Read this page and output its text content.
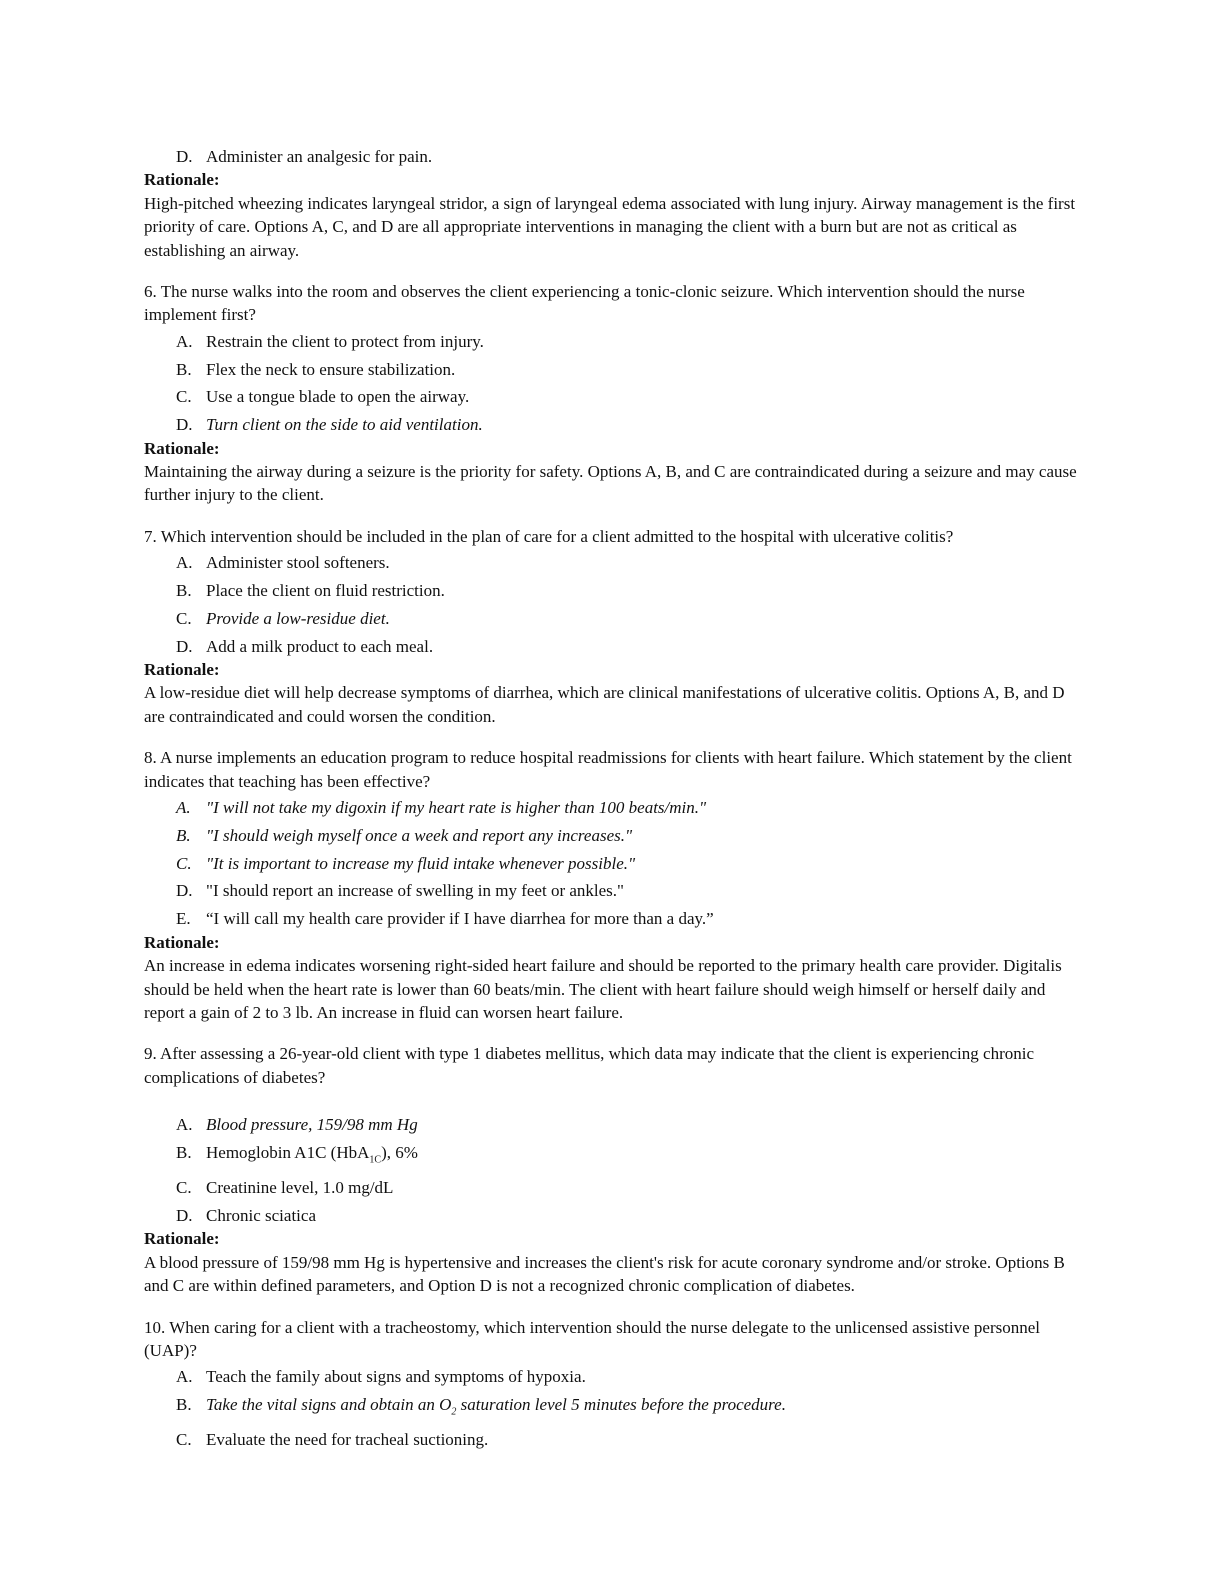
D. Administer an analgesic for pain.

Rationale:

High-pitched wheezing indicates laryngeal stridor, a sign of laryngeal edema associated with lung injury. Airway management is the first priority of care. Options A, C, and D are all appropriate interventions in managing the client with a burn but are not as critical as establishing an airway.

6. The nurse walks into the room and observes the client experiencing a tonic-clonic seizure. Which intervention should the nurse implement first?

A. Restrain the client to protect from injury.
B. Flex the neck to ensure stabilization.
C. Use a tongue blade to open the airway.
D. Turn client on the side to aid ventilation.

Rationale:

Maintaining the airway during a seizure is the priority for safety. Options A, B, and C are contraindicated during a seizure and may cause further injury to the client.

7. Which intervention should be included in the plan of care for a client admitted to the hospital with ulcerative colitis?

A. Administer stool softeners.
B. Place the client on fluid restriction.
C. Provide a low-residue diet.
D. Add a milk product to each meal.

Rationale:

A low-residue diet will help decrease symptoms of diarrhea, which are clinical manifestations of ulcerative colitis. Options A, B, and D are contraindicated and could worsen the condition.

8. A nurse implements an education program to reduce hospital readmissions for clients with heart failure. Which statement by the client indicates that teaching has been effective?

A. "I will not take my digoxin if my heart rate is higher than 100 beats/min."
B. "I should weigh myself once a week and report any increases."
C. "It is important to increase my fluid intake whenever possible."
D. "I should report an increase of swelling in my feet or ankles."
E. “I will call my health care provider if I have diarrhea for more than a day.”

Rationale:

An increase in edema indicates worsening right-sided heart failure and should be reported to the primary health care provider. Digitalis should be held when the heart rate is lower than 60 beats/min. The client with heart failure should weigh himself or herself daily and report a gain of 2 to 3 lb. An increase in fluid can worsen heart failure.

9. After assessing a 26-year-old client with type 1 diabetes mellitus, which data may indicate that the client is experiencing chronic complications of diabetes?

A. Blood pressure, 159/98 mm Hg
B. Hemoglobin A1C (HbA$_{1C}$), 6%
C. Creatinine level, 1.0 mg/dL
D. Chronic sciatica

Rationale:

A blood pressure of 159/98 mm Hg is hypertensive and increases the client's risk for acute coronary syndrome and/or stroke. Options B and C are within defined parameters, and Option D is not a recognized chronic complication of diabetes.

10. When caring for a client with a tracheostomy, which intervention should the nurse delegate to the unlicensed assistive personnel (UAP)?

A. Teach the family about signs and symptoms of hypoxia.
B. Take the vital signs and obtain an $O_2$ saturation level 5 minutes before the procedure.
C. Evaluate the need for tracheal suctioning.
